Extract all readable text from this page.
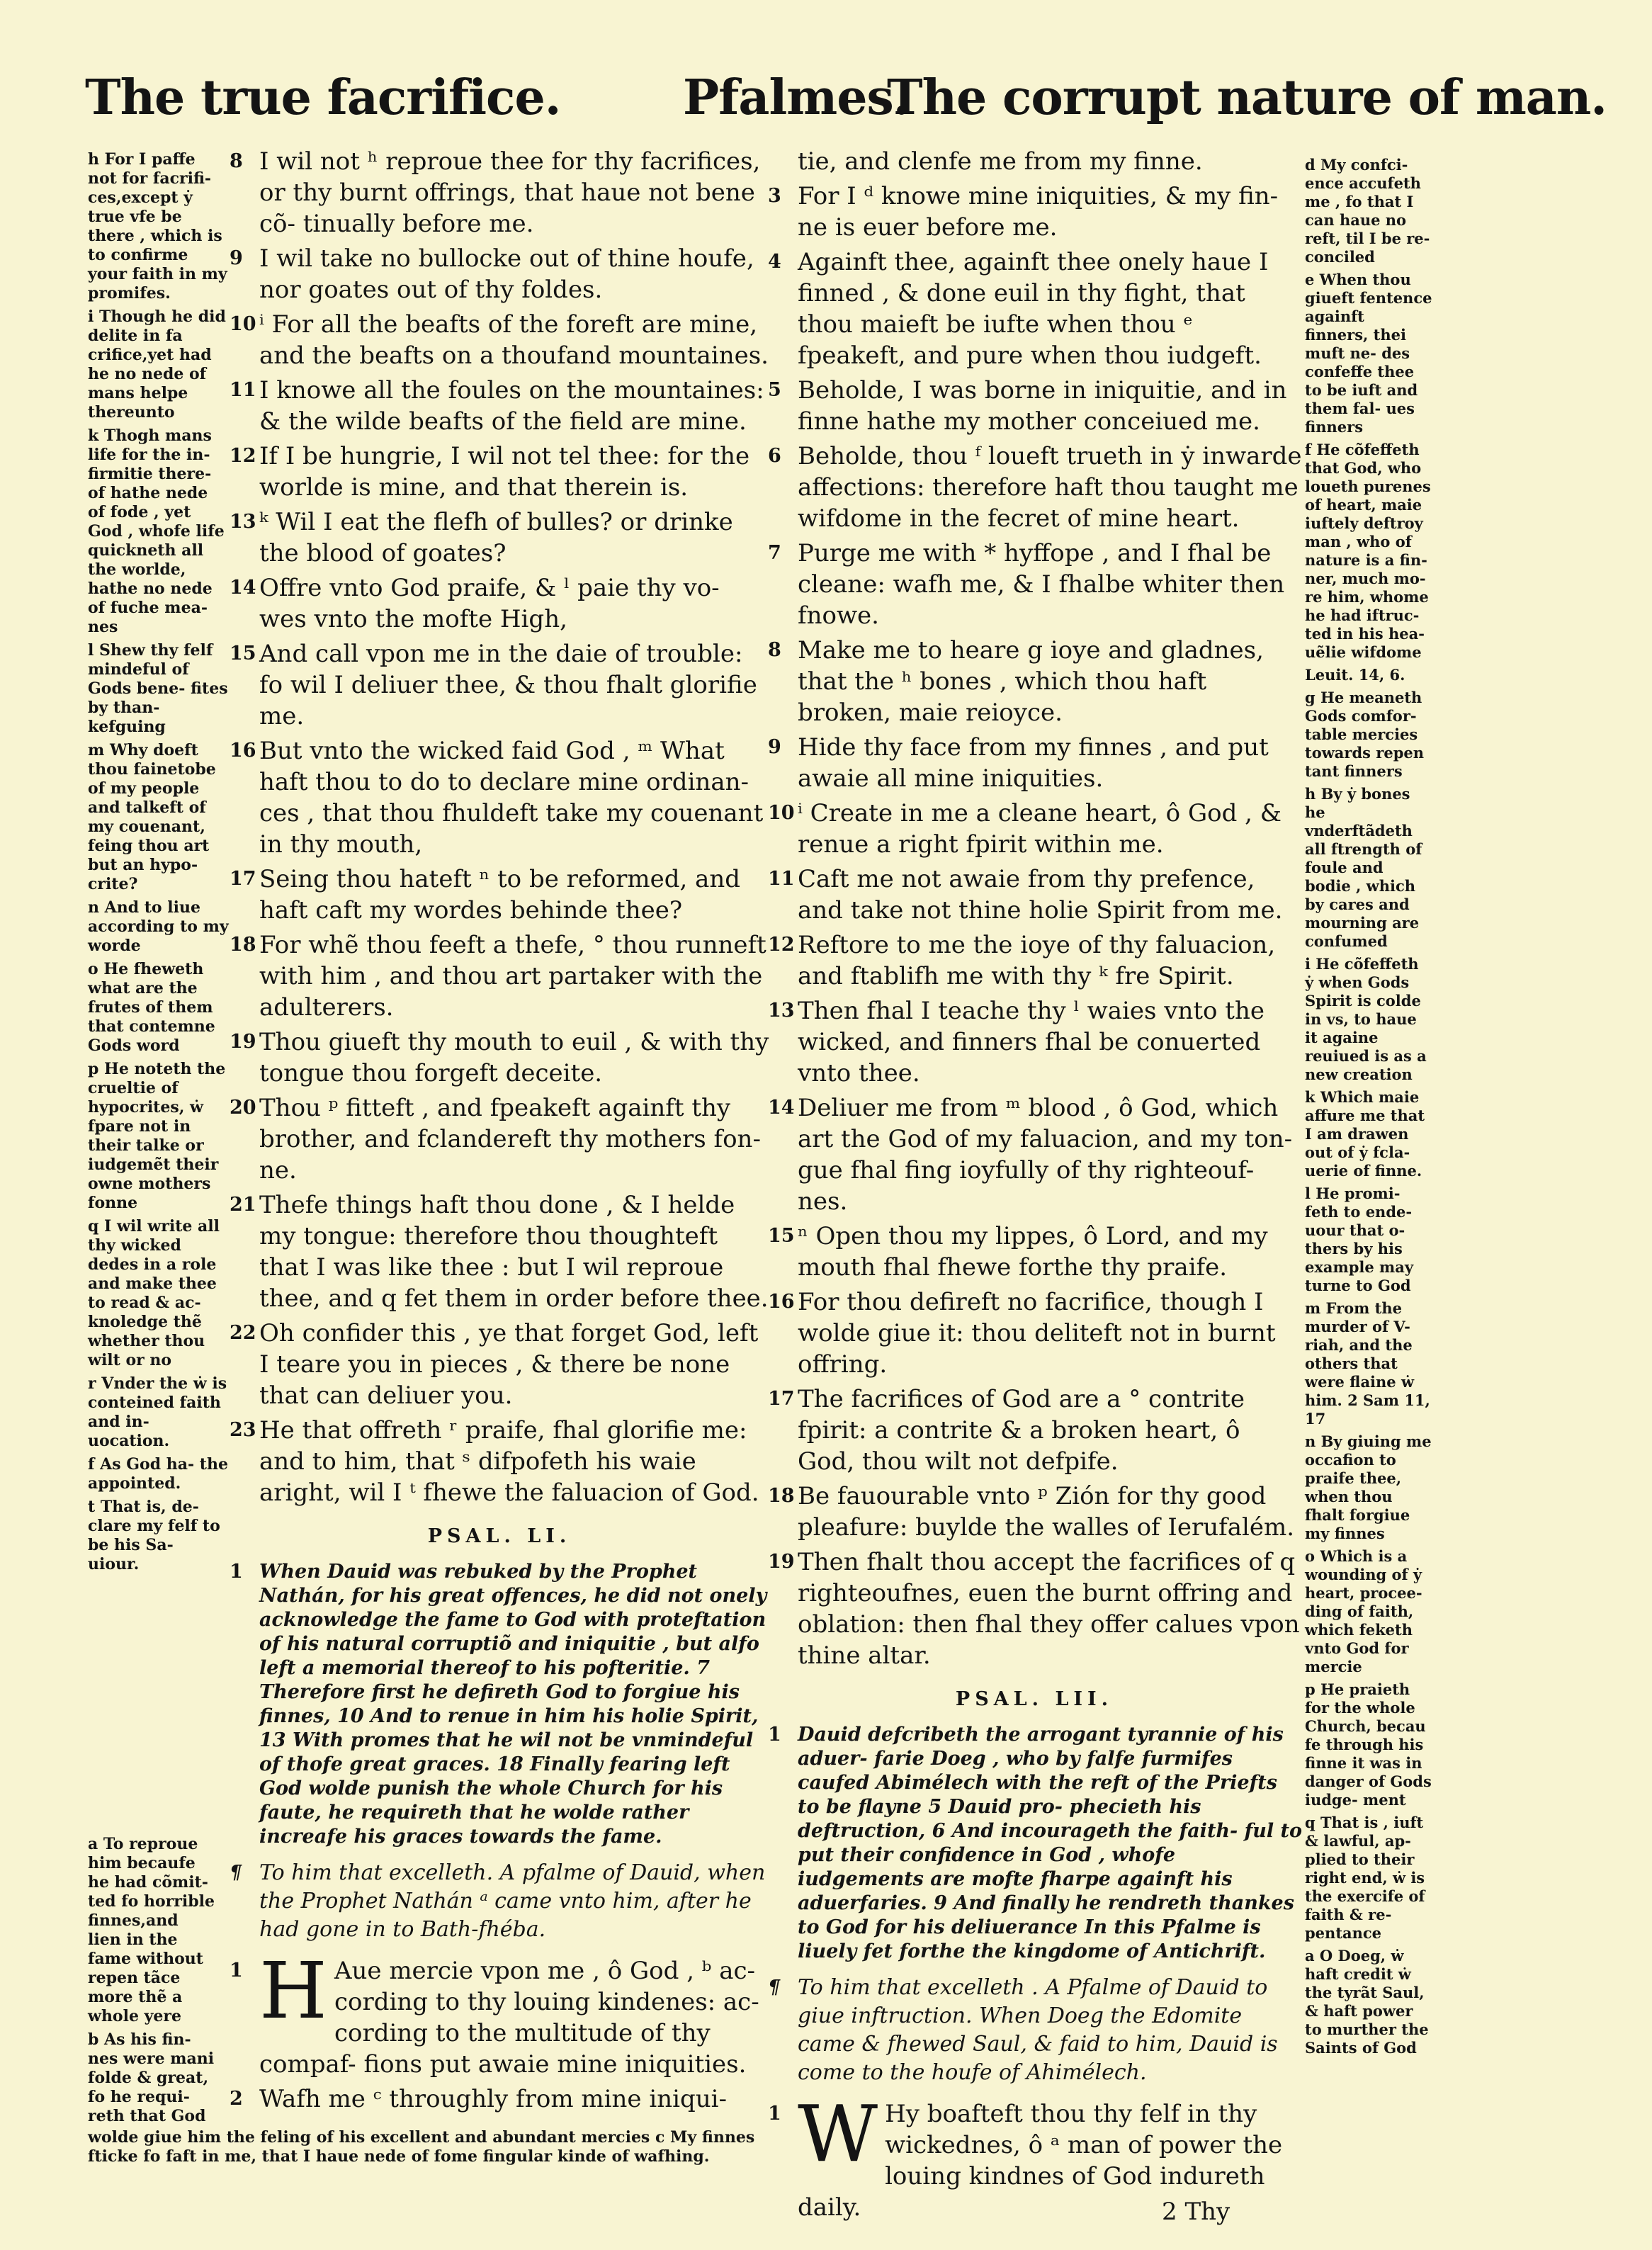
The true facrifice.	Pfalmes.
The corrupt nature of man.
h For I paffe not for facrifi- ces,except ẏ true vfe be there , which is to confirme your faith in my promifes.
i Though he did delite in fa crifice,yet had he no nede of mans helpe thereunto
k Thogh mans life for the in- firmitie there- of hathe nede of fode , yet God , whofe life quickneth all the worlde, hathe no nede of fuche mea- nes
l Shew thy felf mindeful of Gods bene- fites by than- kefguing
m Why doeft thou fainetobe of my people and talkeft of my couenant, feing thou art but an hypo- crite?
n And to liue according to my worde
o He fheweth what are the frutes of them that contemne Gods word
p He noteth the crueltie of hypocrites, ẇ fpare not in their talke or iudgemẽt their owne mothers fonne
q I wil write all thy wicked dedes in a role and make thee to read & ac- knoledge thẽ whether thou wilt or no
r Vnder the ẇ is conteined faith and in- uocation.
f As God ha- the appointed.
t That is, de- clare my felf to be his Sa- uiour.
a To reproue him becaufe he had cõmit- ted fo horrible finnes,and lien in the fame without repen tãce more thẽ a whole yere
b As his fin- nes were mani folde & great, fo he requi- reth that God
8 I wil not ʰ reproue thee for thy facrifices, or thy burnt offrings, that haue not bene cõ- tinually before me.
9 I wil take no bullocke out of thine houfe, nor goates out of thy foldes.
10 ⁱ For all the beafts of the foreft are mine, and the beafts on a thoufand mountaines.
11 I knowe all the foules on the mountaines: & the wilde beafts of the field are mine.
12 If I be hungrie, I wil not tel thee: for the worlde is mine, and that therein is.
13 ᵏ Wil I eat the flefh of bulles? or drinke the blood of goates?
14 Offre vnto God praife, & ˡ paie thy vo- wes vnto the mofte High,
15 And call vpon me in the daie of trouble: fo wil I deliuer thee, & thou fhalt glorifie me.
16 But vnto the wicked faid God , ᵐ What haft thou to do to declare mine ordinan- ces , that thou fhuldeft take my couenant in thy mouth,
17 Seing thou hateft ⁿ to be reformed, and haft caft my wordes behinde thee?
18 For whẽ thou feeft a thefe, ° thou runneft with him , and thou art partaker with the adulterers.
19 Thou giueft thy mouth to euil , & with thy tongue thou forgeft deceite.
20 Thou ᵖ fitteft , and fpeakeft againft thy brother, and fclandereft thy mothers fon- ne.
21 Thefe things haft thou done , & I helde my tongue: therefore thou thoughteft that I was like thee : but I wil reproue thee, and q fet them in order before thee.
22 Oh confider this , ye that forget God, left I teare you in pieces , & there be none that can deliuer you.
23 He that offreth ʳ praife, fhal glorifie me: and to him, that ˢ difpofeth his waie aright, wil I ᵗ fhewe the faluacion of God.
PSAL. LI.
1 When Dauid was rebuked by the Prophet Nathán, for his great offences, he did not onely acknowledge the fame to God with proteftation of his natural corruptiõ and iniquitie , but alfo left a memorial thereof to his pofteritie. 7 Therefore first he defireth God to forgiue his finnes, 10 And to renue in him his holie Spirit, 13 With promes that he wil not be vnmindeful of thofe great graces. 18 Finally fearing left God wolde punish the whole Church for his faute, he requireth that he wolde rather increafe his graces towards the fame.
¶ To him that excelleth. A pfalme of Dauid, when the Prophet Nathán ᵃ came vnto him, after he had gone in to Bath-fhéba.
1 H Aue mercie vpon me , ô God , ᵇ ac- cording to thy louing kindenes: ac- cording to the multitude of thy compaf- fions put awaie mine iniquities.
2 Wafh me ᶜ throughly from mine iniqui-
tie, and clenfe me from my finne.
3 For I ᵈ knowe mine iniquities, & my fin- ne is euer before me.
4 Againft thee, againft thee onely haue I finned , & done euil in thy fight, that thou maieft be iufte when thou ᵉ fpeakeft, and pure when thou iudgeft.
5 Beholde, I was borne in iniquitie, and in finne hathe my mother conceiued me.
6 Beholde, thou ᶠ loueft trueth in ẏ inwarde affections: therefore haft thou taught me wifdome in the fecret of mine heart.
7 Purge me with * hyffope , and I fhal be cleane: wafh me, & I fhalbe whiter then fnowe.
8 Make me to heare g ioye and gladnes, that the ʰ bones , which thou haft broken, maie reioyce.
9 Hide thy face from my finnes , and put awaie all mine iniquities.
10 ⁱ Create in me a cleane heart, ô God , & renue a right fpirit within me.
11 Caft me not awaie from thy prefence, and take not thine holie Spirit from me.
12 Reftore to me the ioye of thy faluacion, and ftablifh me with thy ᵏ fre Spirit.
13 Then fhal I teache thy ˡ waies vnto the wicked, and finners fhal be conuerted vnto thee.
14 Deliuer me from ᵐ blood , ô God, which art the God of my faluacion, and my ton- gue fhal fing ioyfully of thy righteouf- nes.
15 ⁿ Open thou my lippes, ô Lord, and my mouth fhal fhewe forthe thy praife.
16 For thou defireft no facrifice, though I wolde giue it: thou deliteft not in burnt offring.
17 The facrifices of God are a ° contrite fpirit: a contrite & a broken heart, ô God, thou wilt not defpife.
18 Be fauourable vnto ᵖ Zión for thy good pleafure: buylde the walles of Ierufalém.
19 Then fhalt thou accept the facrifices of q righteoufnes, euen the burnt offring and oblation: then fhal they offer calues vpon thine altar.
PSAL. LII.
1 Dauid defcribeth the arrogant tyrannie of his aduer- farie Doeg , who by falfe furmifes caufed Abimélech with the reft of the Priefts to be flayne 5 Dauid pro- phecieth his deftruction, 6 And incourageth the faith- ful to put their confidence in God , whofe iudgements are mofte fharpe againft his aduerfaries. 9 And finally he rendreth thankes to God for his deliuerance In this Pfalme is liuely fet forthe the kingdome of Antichrift.
¶ To him that excelleth . A Pfalme of Dauid to giue inftruction. When Doeg the Edomite came & fhewed Saul, & faid to him, Dauid is come to the houfe of Ahimélech.
1 W Hy boafteft thou thy felf in thy wickednes, ô ᵃ man of power the louing kindnes of God indureth daily.
d My confci- ence accufeth me , fo that I can haue no reft, til I be re- conciled
e When thou giueft fentence againft finners, thei muft ne- des confeffe thee to be iuft and them fal- ues finners
f He cõfeffeth that God, who loueth purenes of heart, maie iuftely deftroy man , who of nature is a fin- ner, much mo- re him, whome he had iftruc- ted in his hea- uẽlie wifdome
Leuit. 14, 6.
g He meaneth Gods comfor- table mercies towards repen tant finners
h By ẏ bones he vnderftãdeth all ftrength of foule and bodie , which by cares and mourning are confumed
i He cõfeffeth ẏ when Gods Spirit is colde in vs, to haue it againe reuiued is as a new creation
k Which maie affure me that I am drawen out of ẏ fcla- uerie of finne.
l He promi- feth to ende- uour that o- thers by his example may turne to God
m From the murder of V- riah, and the others that were flaine ẇ him. 2 Sam 11, 17
n By giuing me occafion to praife thee, when thou fhalt forgiue my finnes
o Which is a wounding of ẏ heart, procee- ding of faith, which feketh vnto God for mercie
p He praieth for the whole Church, becau fe through his finne it was in danger of Gods iudge- ment
q That is , iuft & lawful, ap- plied to their right end, ẇ is the exercife of faith & re- pentance
a O Doeg, ẇ haft credit ẇ the tyrãt Saul, & haft power to murther the Saints of God
wolde giue him the feling of his excellent and abundant mercies c My finnes fticke fo faft in me, that I haue nede of fome fingular kinde of wafhing.
2 Thy
